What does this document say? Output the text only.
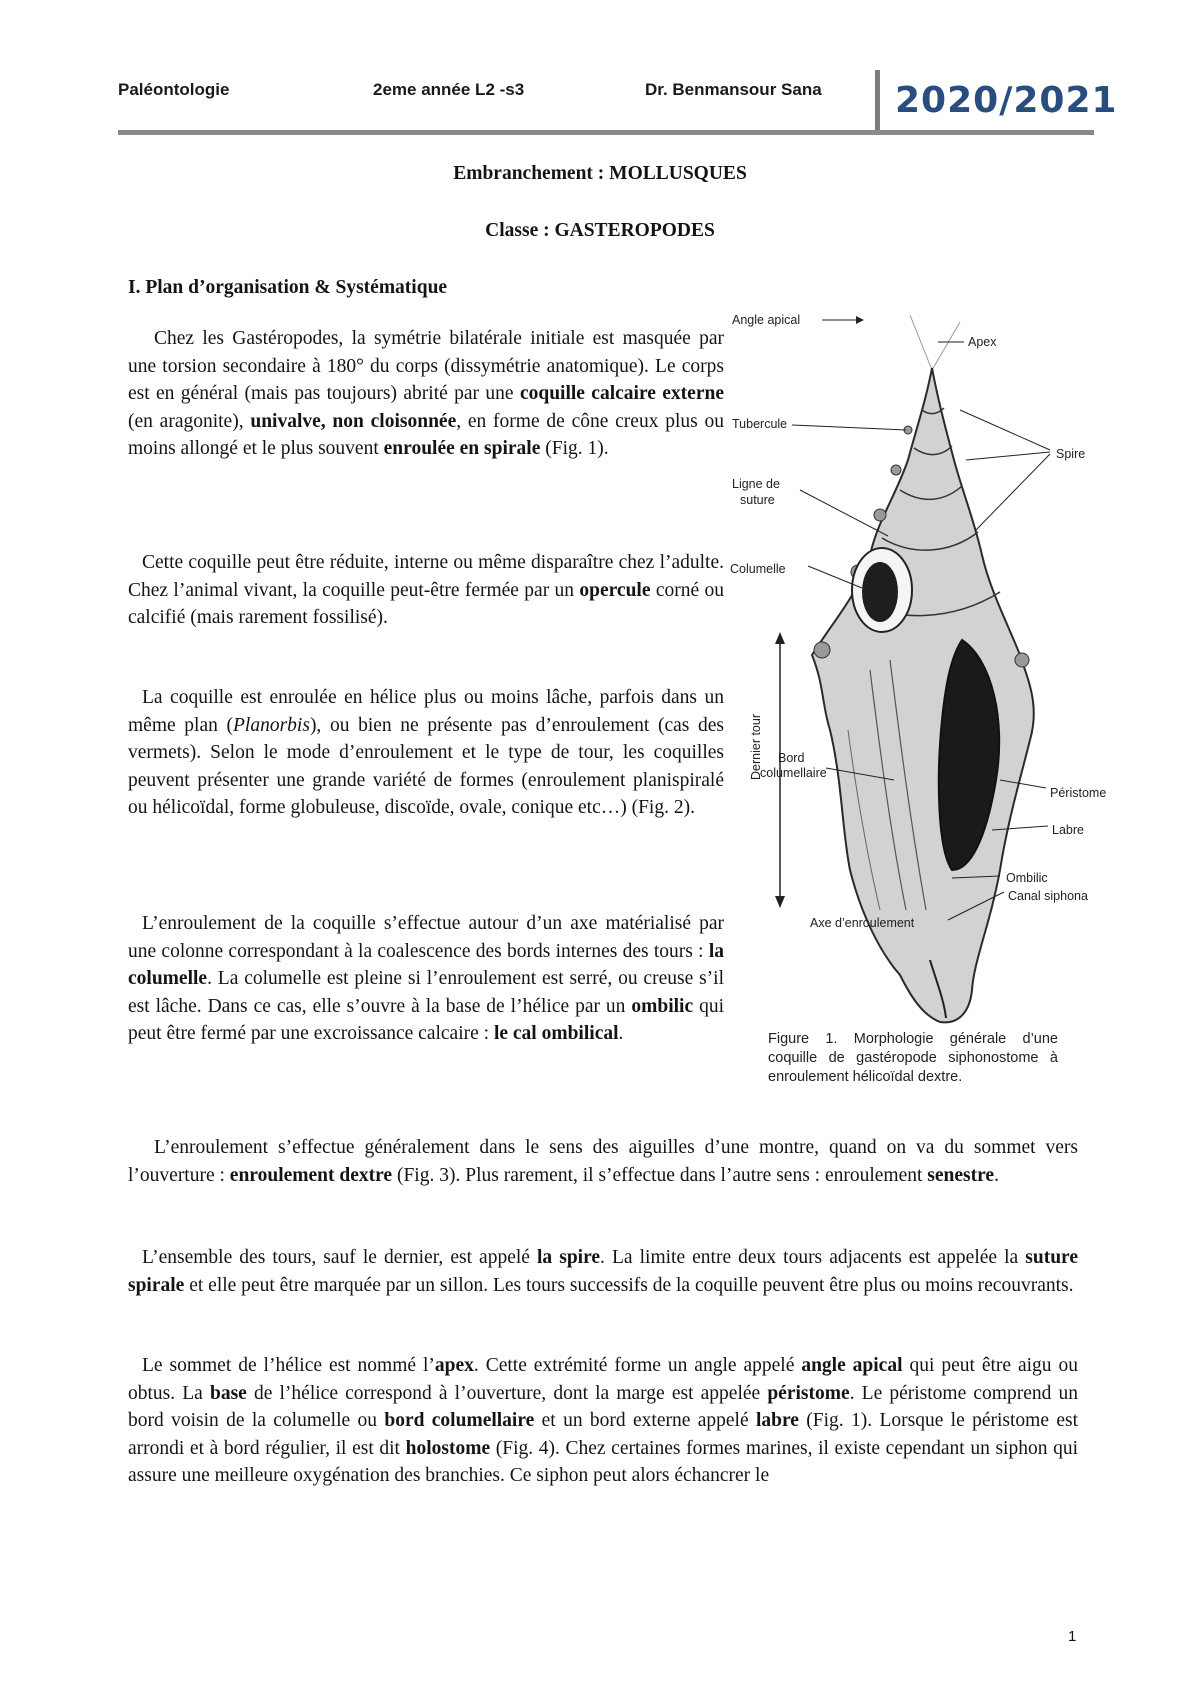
Paléontologie	2eme année L2 -s3	Dr. Benmansour Sana 2020/2021
Embranchement : MOLLUSQUES
Classe : GASTEROPODES
I. Plan d’organisation & Systématique
Chez les Gastéropodes, la symétrie bilatérale initiale est masquée par une torsion secondaire à 180° du corps (dissymétrie anatomique). Le corps est en général (mais pas toujours) abrité par une coquille calcaire externe (en aragonite), univalve, non cloisonnée, en forme de cône creux plus ou moins allongé et le plus souvent enroulée en spirale (Fig. 1).
Cette coquille peut être réduite, interne ou même disparaître chez l’adulte. Chez l’animal vivant, la coquille peut-être fermée par un opercule corné ou calcifié (mais rarement fossilisé).
La coquille est enroulée en hélice plus ou moins lâche, parfois dans un même plan (Planorbis), ou bien ne présente pas d’enroulement (cas des vermets). Selon le mode d’enroulement et le type de tour, les coquilles peuvent présenter une grande variété de formes (enroulement planispiralé ou hélicoïdal, forme globuleuse, discoïde, ovale, conique etc…) (Fig. 2).
L’enroulement de la coquille s’effectue autour d’un axe matérialisé par une colonne correspondant à la coalescence des bords internes des tours : la columelle. La columelle est pleine si l’enroulement est serré, ou creuse s’il est lâche. Dans ce cas, elle s’ouvre à la base de l’hélice par un ombilic qui peut être fermé par une excroissance calcaire : le cal ombilical.
Angle apical
Apex
Tubercule
Spire
Ligne de
suture
Columelle
Dernier tour Bord
columellaire
Péristome
Labre
Ombilic
Canal siphona
Axe d’enroulement
Figure 1. Morphologie générale d’une coquille de gastéropode siphonostome à enroulement hélicoïdal dextre.
L’enroulement s’effectue généralement dans le sens des aiguilles d’une montre, quand on va du sommet vers l’ouverture : enroulement dextre (Fig. 3). Plus rarement, il s’effectue dans l’autre sens : enroulement senestre.
L’ensemble des tours, sauf le dernier, est appelé la spire. La limite entre deux tours adjacents est appelée la suture spirale et elle peut être marquée par un sillon. Les tours successifs de la coquille peuvent être plus ou moins recouvrants.
Le sommet de l’hélice est nommé l’apex. Cette extrémité forme un angle appelé angle apical qui peut être aigu ou obtus. La base de l’hélice correspond à l’ouverture, dont la marge est appelée péristome. Le péristome comprend un bord voisin de la columelle ou bord columellaire et un bord externe appelé labre (Fig. 1). Lorsque le péristome est arrondi et à bord régulier, il est dit holostome (Fig. 4). Chez certaines formes marines, il existe cependant un siphon qui assure une meilleure oxygénation des branchies. Ce siphon peut alors échancrer le
1
